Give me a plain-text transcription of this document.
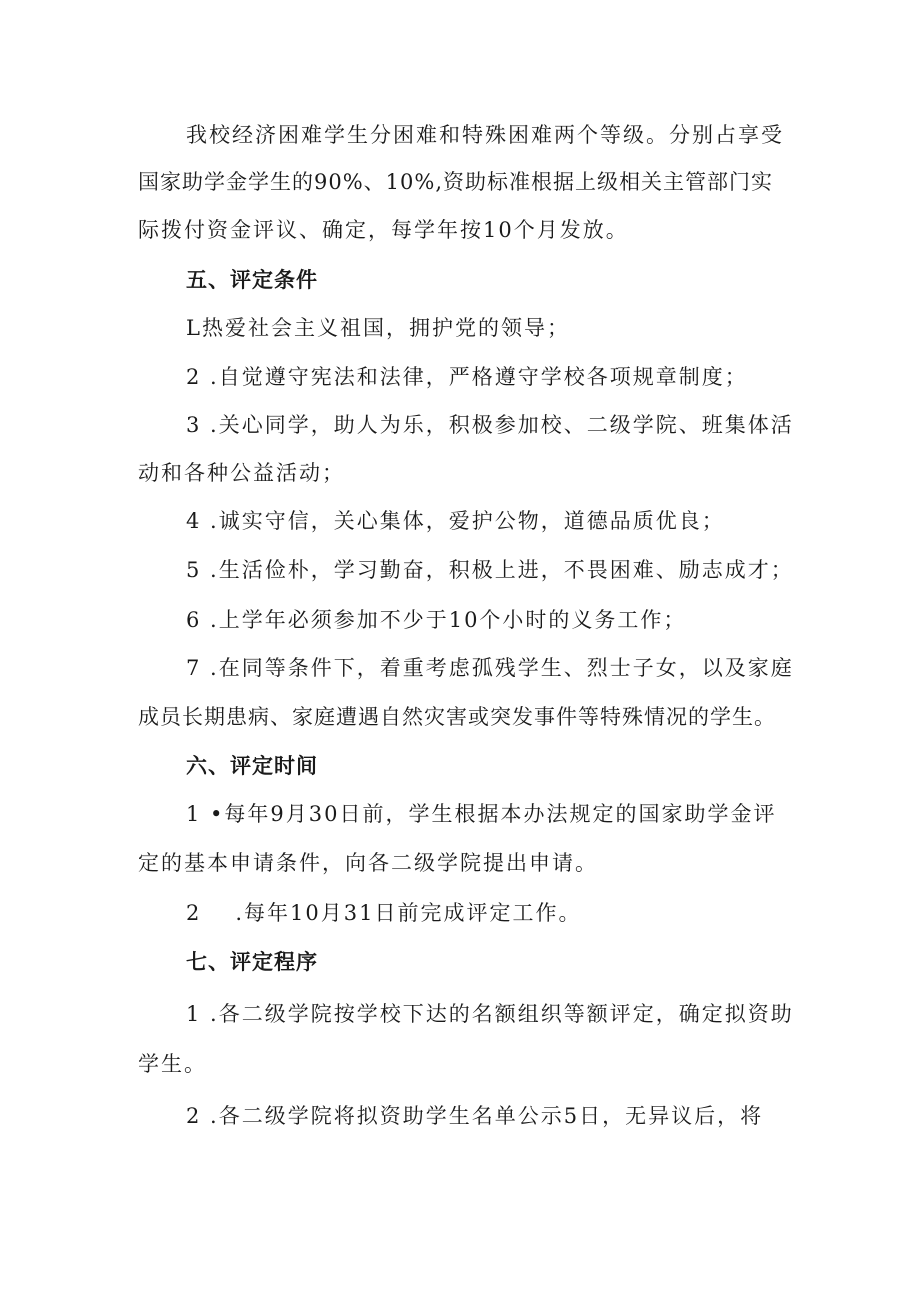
我校经济困难学生分困难和特殊困难两个等级。分别占享受
国家助学金学生的90%、10%,资助标准根据上级相关主管部门实
际拨付资金评议、确定，每学年按10个月发放。
五、评定条件
L热爱社会主义祖国，拥护党的领导；
2 .自觉遵守宪法和法律，严格遵守学校各项规章制度；
3 .关心同学，助人为乐，积极参加校、二级学院、班集体活
动和各种公益活动；
4 .诚实守信，关心集体，爱护公物，道德品质优良；
5 .生活俭朴，学习勤奋，积极上进，不畏困难、励志成才；
6 .上学年必须参加不少于10个小时的义务工作；
7 .在同等条件下，着重考虑孤残学生、烈士子女，以及家庭
成员长期患病、家庭遭遇自然灾害或突发事件等特殊情况的学生。
六、评定时间
1 •每年9月30日前，学生根据本办法规定的国家助学金评
定的基本申请条件，向各二级学院提出申请。
2 .每年10月31日前完成评定工作。
七、评定程序
1 .各二级学院按学校下达的名额组织等额评定，确定拟资助
学生。
2 .各二级学院将拟资助学生名单公示5日，无异议后，将
